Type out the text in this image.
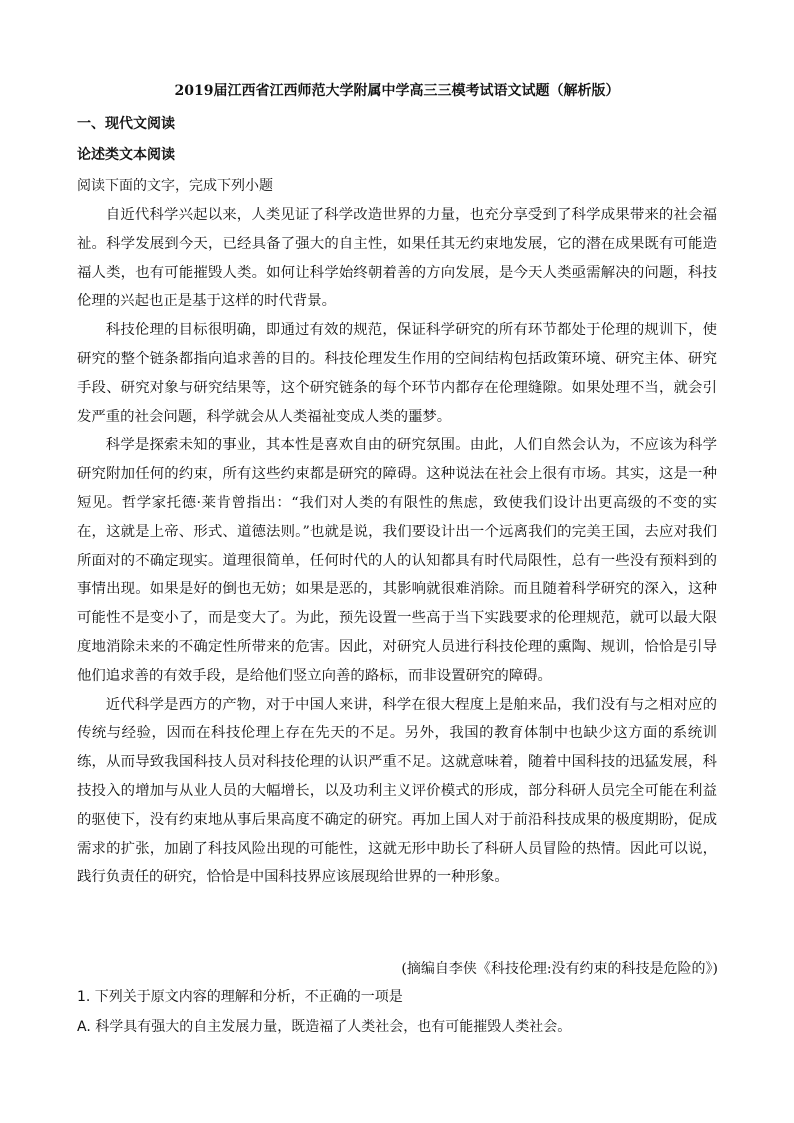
2019届江西省江西师范大学附属中学高三三模考试语文试题（解析版）
一、现代文阅读
论述类文本阅读
阅读下面的文字，完成下列小题

自近代科学兴起以来，人类见证了科学改造世界的力量，也充分享受到了科学成果带来的社会福祉。科学发展到今天，已经具备了强大的自主性，如果任其无约束地发展，它的潜在成果既有可能造福人类，也有可能摧毁人类。如何让科学始终朝着善的方向发展，是今天人类亟需解决的问题，科技伦理的兴起也正是基于这样的时代背景。

科技伦理的目标很明确，即通过有效的规范，保证科学研究的所有环节都处于伦理的规训下，使研究的整个链条都指向追求善的目的。科技伦理发生作用的空间结构包括政策环境、研究主体、研究手段、研究对象与研究结果等，这个研究链条的每个环节内都存在伦理缝隙。如果处理不当，就会引发严重的社会问题，科学就会从人类福祉变成人类的噩梦。

科学是探索未知的事业，其本性是喜欢自由的研究氛围。由此，人们自然会认为，不应该为科学研究附加任何的约束，所有这些约束都是研究的障碍。这种说法在社会上很有市场。其实，这是一种短见。哲学家托德·莱肯曾指出：“我们对人类的有限性的焦虑，致使我们设计出更高级的不变的实在，这就是上帝、形式、道德法则。”也就是说，我们要设计出一个远离我们的完美王国，去应对我们所面对的不确定现实。道理很简单，任何时代的人的认知都具有时代局限性，总有一些没有预料到的事情出现。如果是好的倒也无妨；如果是恶的，其影响就很难消除。而且随着科学研究的深入，这种可能性不是变小了，而是变大了。为此，预先设置一些高于当下实践要求的伦理规范，就可以最大限度地消除未来的不确定性所带来的危害。因此，对研究人员进行科技伦理的熏陶、规训，恰恰是引导他们追求善的有效手段，是给他们竖立向善的路标，而非设置研究的障碍。

近代科学是西方的产物，对于中国人来讲，科学在很大程度上是舶来品，我们没有与之相对应的传统与经验，因而在科技伦理上存在先天的不足。另外，我国的教育体制中也缺少这方面的系统训练，从而导致我国科技人员对科技伦理的认识严重不足。这就意味着，随着中国科技的迅猛发展，科技投入的增加与从业人员的大幅增长，以及功利主义评价模式的形成，部分科研人员完全可能在利益的驱使下，没有约束地从事后果高度不确定的研究。再加上国人对于前沿科技成果的极度期盼，促成需求的扩张，加剧了科技风险出现的可能性，这就无形中助长了科研人员冒险的热情。因此可以说，践行负责任的研究，恰恰是中国科技界应该展现给世界的一种形象。

(摘编自李侠《科技伦理:没有约束的科技是危险的》)
1. 下列关于原文内容的理解和分析，不正确的一项是
A. 科学具有强大的自主发展力量，既造福了人类社会，也有可能摧毁人类社会。
